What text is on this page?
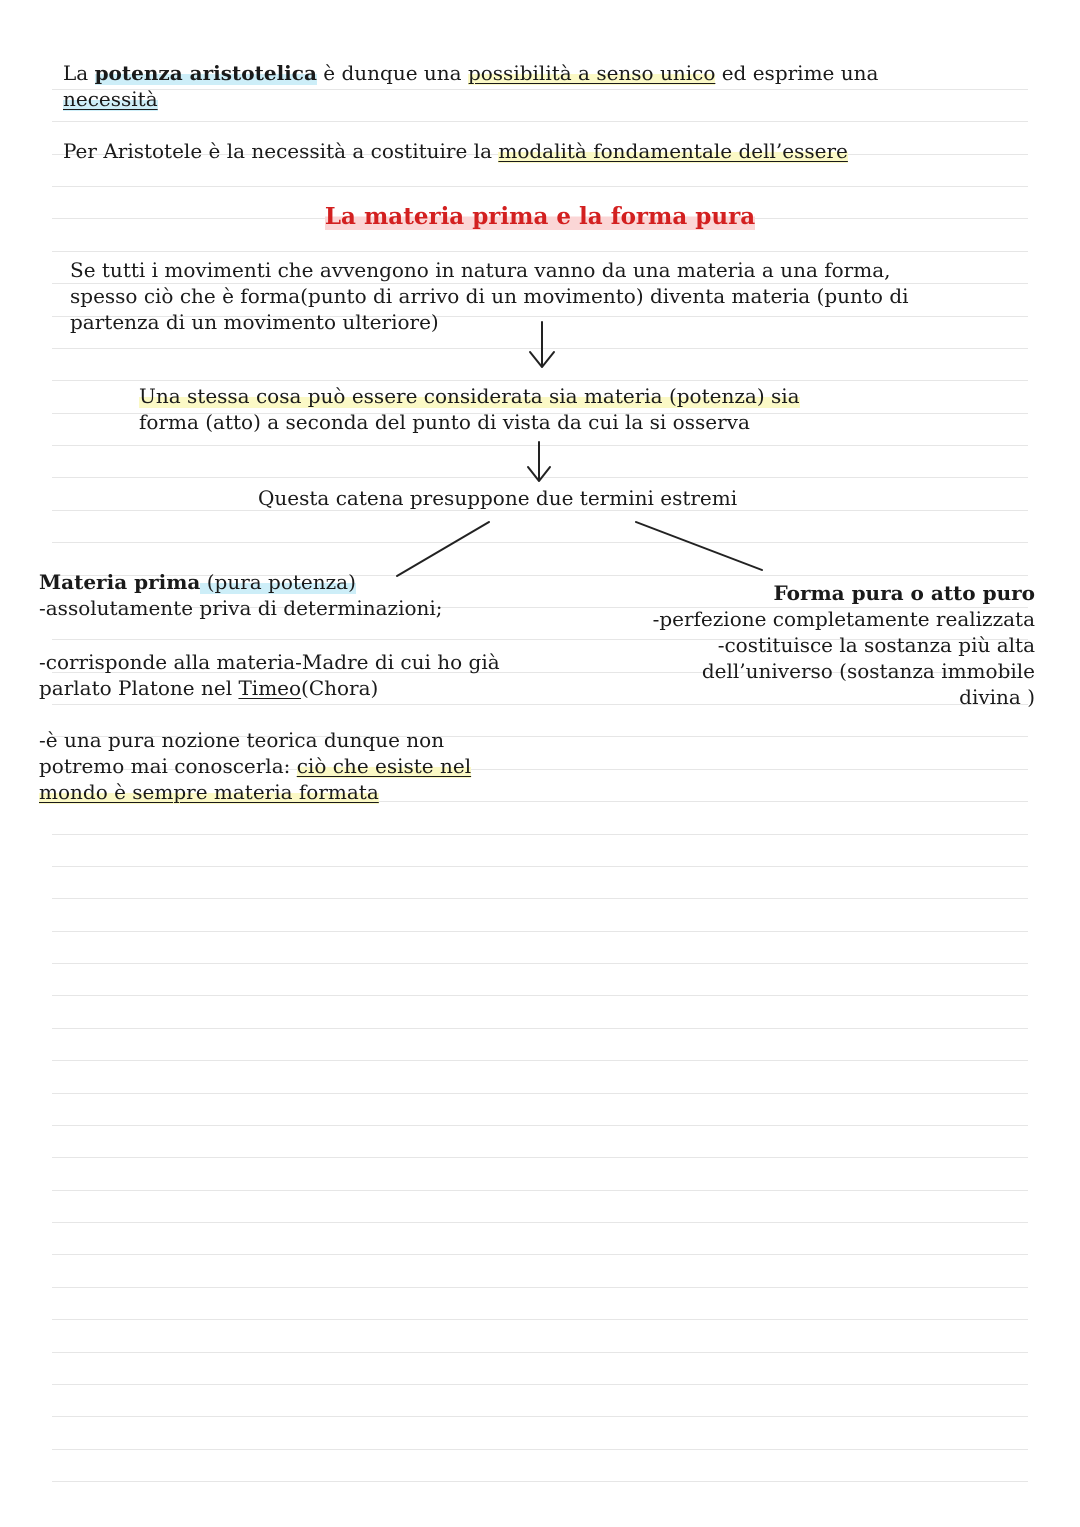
La potenza aristotelica è dunque una possibilità a senso unico ed esprime una
necessità
Per Aristotele è la necessità a costituire la modalità fondamentale dell’essere
La materia prima e la forma pura
Se tutti i movimenti che avvengono in natura vanno da una materia a una forma,
spesso ciò che è forma(punto di arrivo di un movimento) diventa materia (punto di
partenza di un movimento ulteriore)
Una stessa cosa può essere considerata sia materia (potenza) sia
forma (atto) a seconda del punto di vista da cui la si osserva
Questa catena presuppone due termini estremi
Materia prima (pura potenza)
-assolutamente priva di determinazioni;
-corrisponde alla materia-Madre di cui ho già
parlato Platone nel Timeo(Chora)
-è una pura nozione teorica dunque non
potremo mai conoscerla: ciò che esiste nel
mondo è sempre materia formata
Forma pura o atto puro
-perfezione completamente realizzata
-costituisce la sostanza più alta
dell’universo (sostanza immobile
divina )
